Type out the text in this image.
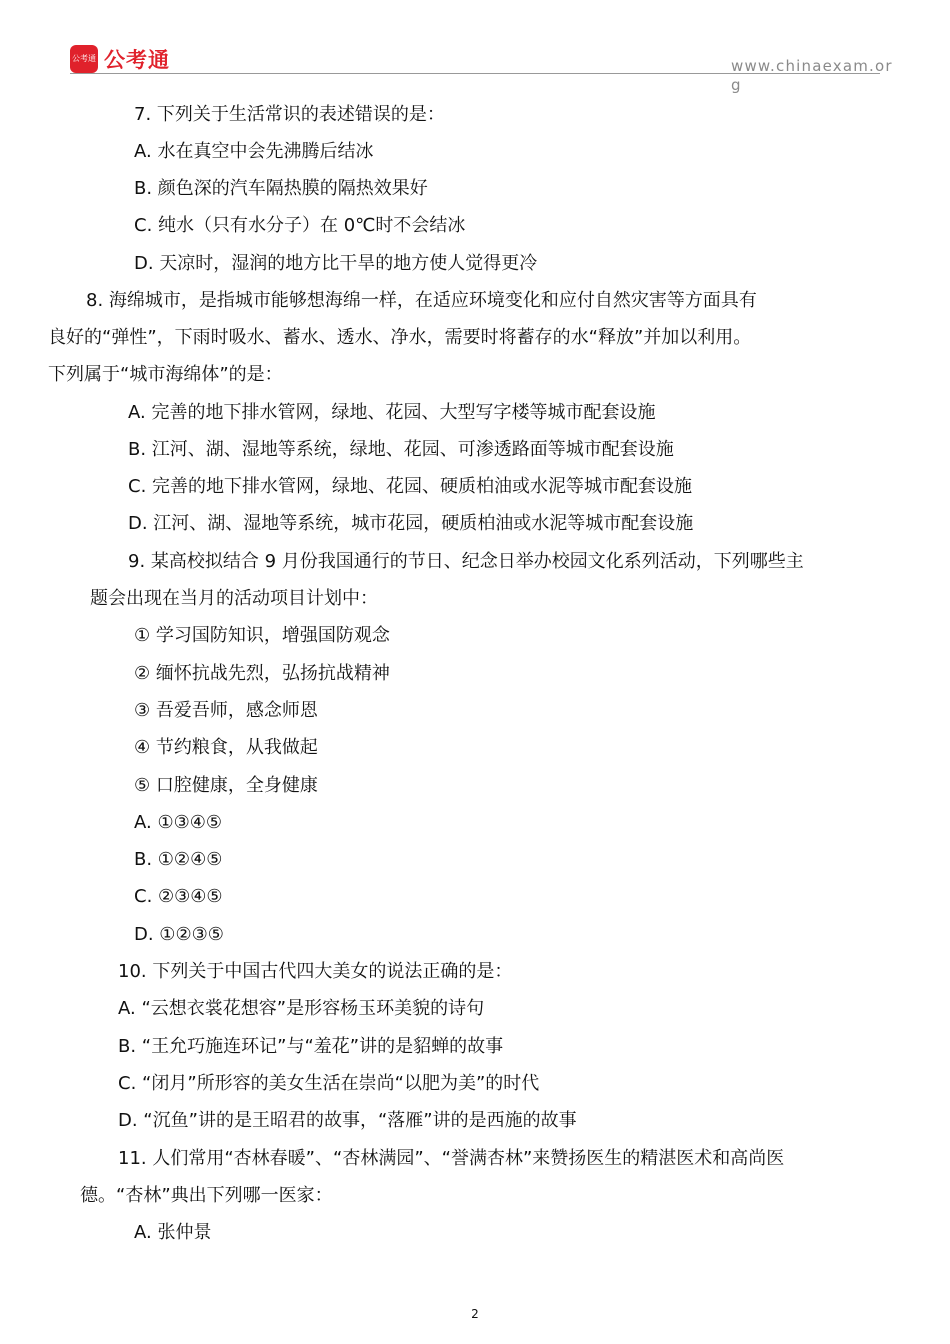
公考通 公考通	www.chinaexam.org
7. 下列关于生活常识的表述错误的是：
A. 水在真空中会先沸腾后结冰
B. 颜色深的汽车隔热膜的隔热效果好
C. 纯水（只有水分子）在 0℃时不会结冰
D. 天凉时，湿润的地方比干旱的地方使人觉得更冷
8. 海绵城市，是指城市能够想海绵一样，在适应环境变化和应付自然灾害等方面具有
良好的“弹性”，下雨时吸水、蓄水、透水、净水，需要时将蓄存的水“释放”并加以利用。
下列属于“城市海绵体”的是：
A. 完善的地下排水管网，绿地、花园、大型写字楼等城市配套设施
B. 江河、湖、湿地等系统，绿地、花园、可渗透路面等城市配套设施
C. 完善的地下排水管网，绿地、花园、硬质柏油或水泥等城市配套设施
D. 江河、湖、湿地等系统，城市花园，硬质柏油或水泥等城市配套设施
9. 某高校拟结合 9 月份我国通行的节日、纪念日举办校园文化系列活动，下列哪些主
题会出现在当月的活动项目计划中：
① 学习国防知识，增强国防观念
② 缅怀抗战先烈，弘扬抗战精神
③ 吾爱吾师，感念师恩
④ 节约粮食，从我做起
⑤ 口腔健康，全身健康
A. ①③④⑤
B. ①②④⑤
C. ②③④⑤
D. ①②③⑤
10. 下列关于中国古代四大美女的说法正确的是：
A. “云想衣裳花想容”是形容杨玉环美貌的诗句
B. “王允巧施连环记”与“羞花”讲的是貂蝉的故事
C. “闭月”所形容的美女生活在崇尚“以肥为美”的时代
D. “沉鱼”讲的是王昭君的故事，“落雁”讲的是西施的故事
11. 人们常用“杏林春暖”、“杏林满园”、“誉满杏林”来赞扬医生的精湛医术和高尚医
德。“杏林”典出下列哪一医家：
A. 张仲景
2
